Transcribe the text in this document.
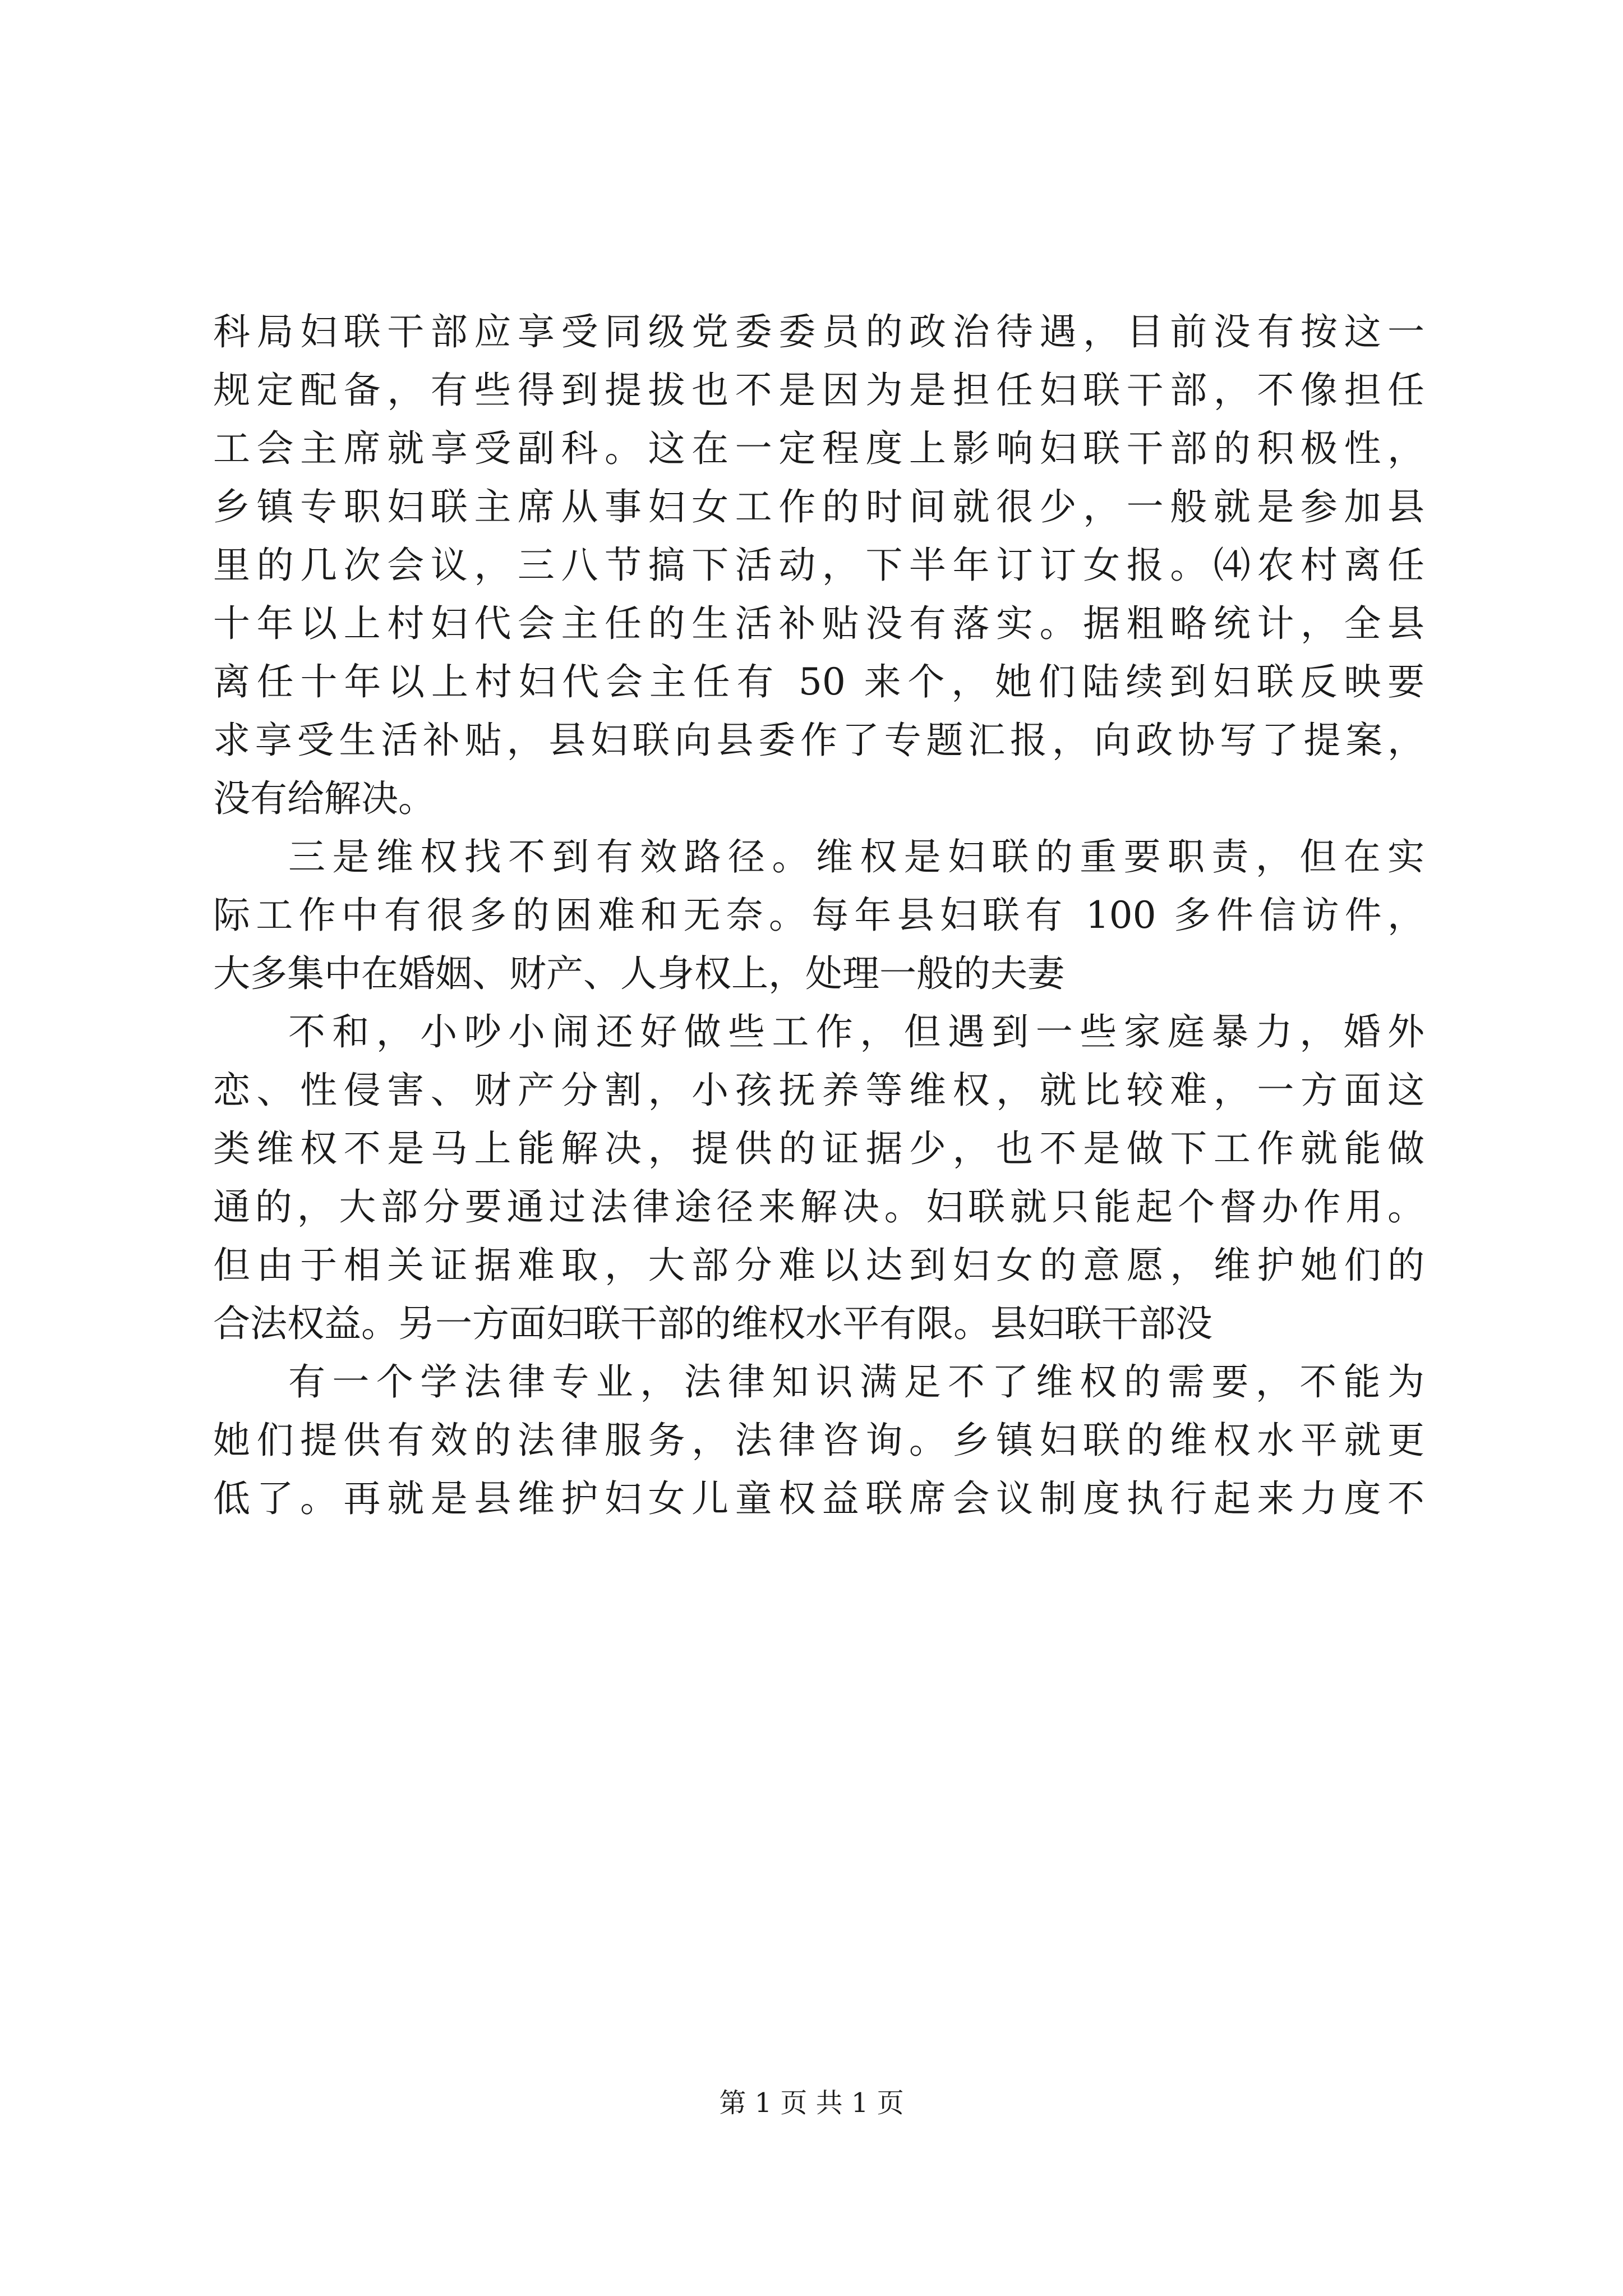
科局妇联干部应享受同级党委委员的政治待遇，目前没有按这一

规定配备，有些得到提拔也不是因为是担任妇联干部，不像担任

工会主席就享受副科。这在一定程度上影响妇联干部的积极性，

乡镇专职妇联主席从事妇女工作的时间就很少，一般就是参加县

里的几次会议，三八节搞下活动，下半年订订女报。⑷农村离任

十年以上村妇代会主任的生活补贴没有落实。据粗略统计，全县

离任十年以上村妇代会主任有 50 来个，她们陆续到妇联反映要

求享受生活补贴，县妇联向县委作了专题汇报，向政协写了提案，

没有给解决。

三是维权找不到有效路径。维权是妇联的重要职责，但在实

际工作中有很多的困难和无奈。每年县妇联有 100 多件信访件，

大多集中在婚姻、财产、人身权上，处理一般的夫妻

不和，小吵小闹还好做些工作，但遇到一些家庭暴力，婚外

恋、性侵害、财产分割，小孩抚养等维权，就比较难，一方面这

类维权不是马上能解决，提供的证据少，也不是做下工作就能做

通的，大部分要通过法律途径来解决。妇联就只能起个督办作用。

但由于相关证据难取，大部分难以达到妇女的意愿，维护她们的

合法权益。另一方面妇联干部的维权水平有限。县妇联干部没

有一个学法律专业，法律知识满足不了维权的需要，不能为

她们提供有效的法律服务，法律咨询。乡镇妇联的维权水平就更

低了。再就是县维护妇女儿童权益联席会议制度执行起来力度不

第 1 页 共 1 页
